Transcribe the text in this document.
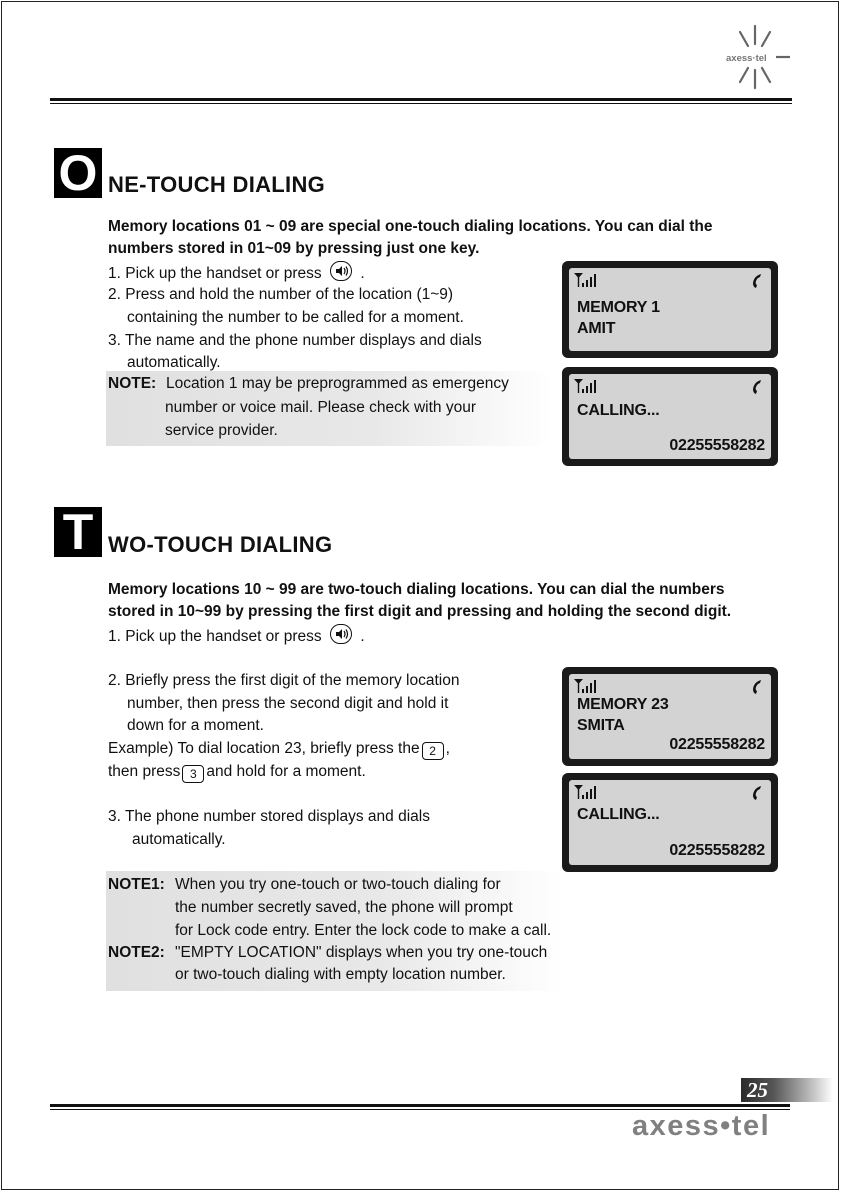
axess·tel
O NE-TOUCH DIALING
Memory locations 01 ~ 09 are special one-touch dialing locations. You can dial the
numbers stored in 01~09 by pressing just one key.
1. Pick up the handset or press .
2. Press and hold the number of the location (1~9)
containing the number to be called for a moment.
3. The name and the phone number displays and dials
automatically.
NOTE: Location 1 may be preprogrammed as emergency
number or voice mail. Please check with your
service provider.
MEMORY 1
AMIT
CALLING...
02255558282
T WO-TOUCH DIALING
Memory locations 10 ~ 99 are two-touch dialing locations. You can dial the numbers
stored in 10~99 by pressing the first digit and pressing and holding the second digit.
1. Pick up the handset or press .
2. Briefly press the first digit of the memory location
number, then press the second digit and hold it
down for a moment.
Example) To dial location 23, briefly press the 2 ,
then press 3 and hold for a moment.
3. The phone number stored displays and dials
automatically.
NOTE1: When you try one-touch or two-touch dialing for
the number secretly saved, the phone will prompt
for Lock code entry. Enter the lock code to make a call.
NOTE2: "EMPTY LOCATION" displays when you try one-touch
or two-touch dialing with empty location number.
MEMORY 23
SMITA
02255558282
CALLING...
02255558282
25
axess•tel
